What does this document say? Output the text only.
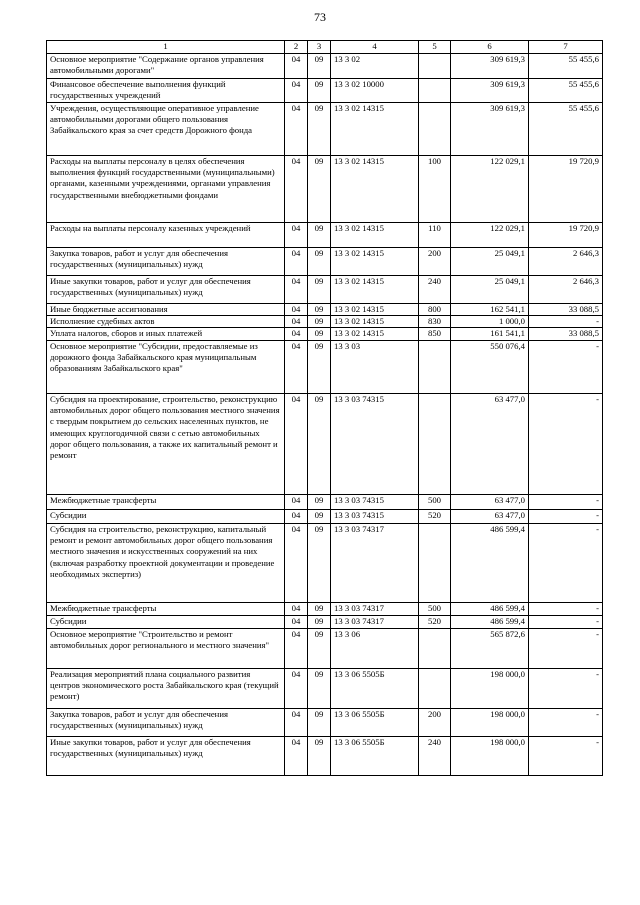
73
1	2	3	4	5	6	7
Основное мероприятие "Содержание органов управления автомобильными дорогами"	04	09	13 3 02		309 619,3	55 455,6
Финансовое обеспечение выполнения функций государственных учреждений	04	09	13 3 02 10000		309 619,3	55 455,6
Учреждения, осуществляющие оперативное управление автомобильными дорогами общего пользования Забайкальского края за счет средств Дорожного фонда	04	09	13 3 02 14315		309 619,3	55 455,6
Расходы на выплаты персоналу в целях обеспечения выполнения функций государственными (муниципальными) органами, казенными учреждениями, органами управления государственными внебюджетными фондами	04	09	13 3 02 14315	100	122 029,1	19 720,9
Расходы на выплаты персоналу казенных учреждений	04	09	13 3 02 14315	110	122 029,1	19 720,9
Закупка товаров, работ и услуг для обеспечения государственных (муниципальных) нужд	04	09	13 3 02 14315	200	25 049,1	2 646,3
Иные закупки товаров, работ и услуг для обеспечения государственных (муниципальных) нужд	04	09	13 3 02 14315	240	25 049,1	2 646,3
Иные бюджетные ассигнования	04	09	13 3 02 14315	800	162 541,1	33 088,5
Исполнение судебных актов	04	09	13 3 02 14315	830	1 000,0	-
Уплата налогов, сборов и иных платежей	04	09	13 3 02 14315	850	161 541,1	33 088,5
Основное мероприятие "Субсидии, предоставляемые из дорожного фонда Забайкальского края муниципальным образованиям Забайкальского края"	04	09	13 3 03		550 076,4	-
Субсидия на проектирование, строительство, реконструкцию автомобильных дорог общего пользования местного значения с твердым покрытием до сельских населенных пунктов, не имеющих круглогодичной связи с сетью автомобильных дорог общего пользования, а также их капитальный ремонт и ремонт	04	09	13 3 03 74315		63 477,0	-
Межбюджетные трансферты	04	09	13 3 03 74315	500	63 477,0	-
Субсидии	04	09	13 3 03 74315	520	63 477,0	-
Субсидия на строительство, реконструкцию, капитальный ремонт и ремонт автомобильных дорог общего пользования местного значения и искусственных сооружений на них (включая разработку проектной документации и проведение необходимых экспертиз)	04	09	13 3 03 74317		486 599,4	-
Межбюджетные трансферты	04	09	13 3 03 74317	500	486 599,4	-
Субсидии	04	09	13 3 03 74317	520	486 599,4	-
Основное мероприятие "Строительство и ремонт автомобильных дорог регионального и местного значения"	04	09	13 3 06		565 872,6	-
Реализация мероприятий плана социального развития центров экономического роста Забайкальского края (текущий ремонт)	04	09	13 3 06 5505Б		198 000,0	-
Закупка товаров, работ и услуг для обеспечения государственных (муниципальных) нужд	04	09	13 3 06 5505Б	200	198 000,0	-
Иные закупки товаров, работ и услуг для обеспечения государственных (муниципальных) нужд	04	09	13 3 06 5505Б	240	198 000,0	-
